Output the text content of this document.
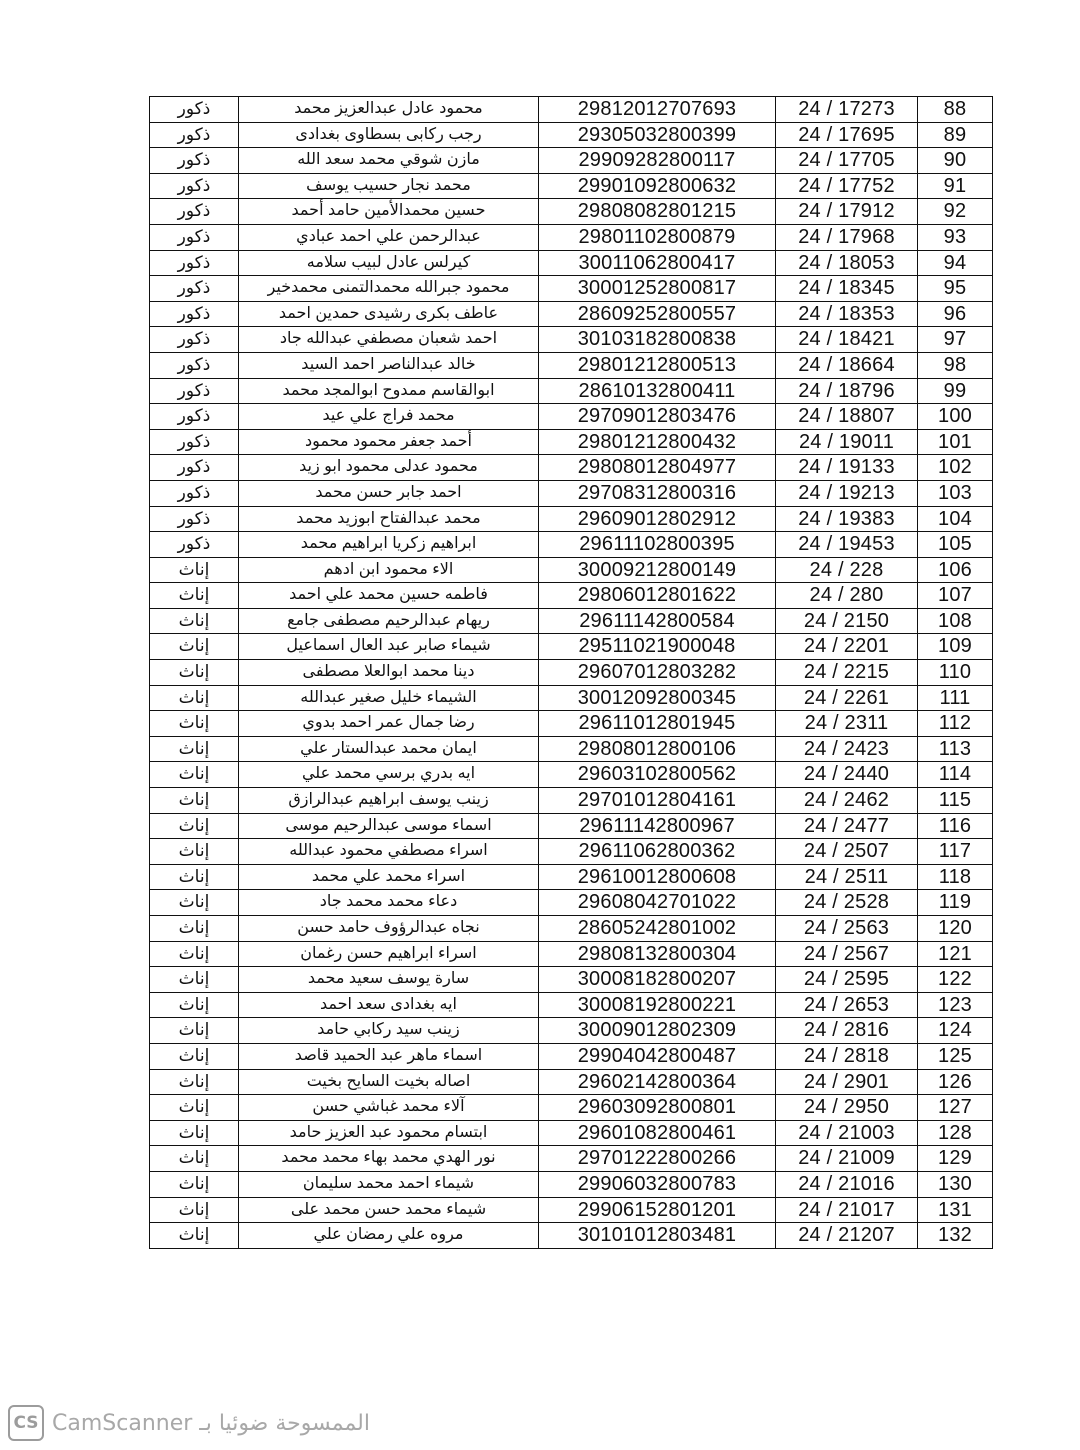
ذكور	محمود عادل عبدالعزيز محمد	29812012707693	24 / 17273	88
ذكور	رجب ركابى بسطاوى بغدادى	29305032800399	24 / 17695	89
ذكور	مازن شوقي محمد سعد الله	29909282800117	24 / 17705	90
ذكور	محمد نجار حسيب يوسف	29901092800632	24 / 17752	91
ذكور	حسين محمدالأمين حامد أحمد	29808082801215	24 / 17912	92
ذكور	عبدالرحمن علي احمد عبادي	29801102800879	24 / 17968	93
ذكور	كيرلس عادل لبيب سلامه	30011062800417	24 / 18053	94
ذكور	محمود جبرالله محمدالتمنى محمدخير	30001252800817	24 / 18345	95
ذكور	عاطف بكرى رشيدى حمدين احمد	28609252800557	24 / 18353	96
ذكور	احمد شعبان مصطفي عبدالله جاد	30103182800838	24 / 18421	97
ذكور	خالد عبدالناصر احمد السيد	29801212800513	24 / 18664	98
ذكور	ابوالقاسم ممدوح ابوالمجد محمد	28610132800411	24 / 18796	99
ذكور	محمد فراج علي عيد	29709012803476	24 / 18807	100
ذكور	أحمد جعفر محمود محمود	29801212800432	24 / 19011	101
ذكور	محمود عدلى محمود ابو زيد	29808012804977	24 / 19133	102
ذكور	احمد جابر حسن محمد	29708312800316	24 / 19213	103
ذكور	محمد عبدالفتاح ابوزيد محمد	29609012802912	24 / 19383	104
ذكور	ابراهيم زكريا ابراهيم محمد	29611102800395	24 / 19453	105
إناث	الاء محمود ابن ادهم	30009212800149	24 / 228	106
إناث	فاطمه حسين محمد علي احمد	29806012801622	24 / 280	107
إناث	ريهام عبدالرحيم مصطفى جامع	29611142800584	24 / 2150	108
إناث	شيماء صابر عبد العال اسماعيل	29511021900048	24 / 2201	109
إناث	دينا محمد ابوالعلا مصطفى	29607012803282	24 / 2215	110
إناث	الشيماء خليل صغير عبدالله	30012092800345	24 / 2261	111
إناث	رضا جمال عمر احمد بدوي	29611012801945	24 / 2311	112
إناث	ايمان محمد عبدالستار علي	29808012800106	24 / 2423	113
إناث	ايه بدري برسي محمد علي	29603102800562	24 / 2440	114
إناث	زينب يوسف ابراهيم عبدالرازق	29701012804161	24 / 2462	115
إناث	اسماء موسى عبدالرحيم موسى	29611142800967	24 / 2477	116
إناث	اسراء مصطفي محمود عبدالله	29611062800362	24 / 2507	117
إناث	اسراء محمد علي محمد	29610012800608	24 / 2511	118
إناث	دعاء محمد محمد جاد	29608042701022	24 / 2528	119
إناث	نجاه عبدالرؤوف حامد حسن	28605242801002	24 / 2563	120
إناث	اسراء ابراهيم حسن رغمان	29808132800304	24 / 2567	121
إناث	سارة يوسف سعيد محمد	30008182800207	24 / 2595	122
إناث	ايه بغدادى سعد احمد	30008192800221	24 / 2653	123
إناث	زينب سيد ركابي حامد	30009012802309	24 / 2816	124
إناث	اسماء ماهر عبد الحميد قاصد	29904042800487	24 / 2818	125
إناث	اصاله بخيت السايح بخيت	29602142800364	24 / 2901	126
إناث	آلاء محمد غباشي حسن	29603092800801	24 / 2950	127
إناث	ابتسام محمود عبد العزيز حامد	29601082800461	24 / 21003	128
إناث	نور الهدي محمد بهاء محمد محمد	29701222800266	24 / 21009	129
إناث	شيماء احمد محمد سليمان	29906032800783	24 / 21016	130
إناث	شيماء محمد حسن محمد على	29906152801201	24 / 21017	131
إناث	مروه علي رمضان علي	30101012803481	24 / 21207	132
CS الممسوحة ضوئيا بـ CamScanner
